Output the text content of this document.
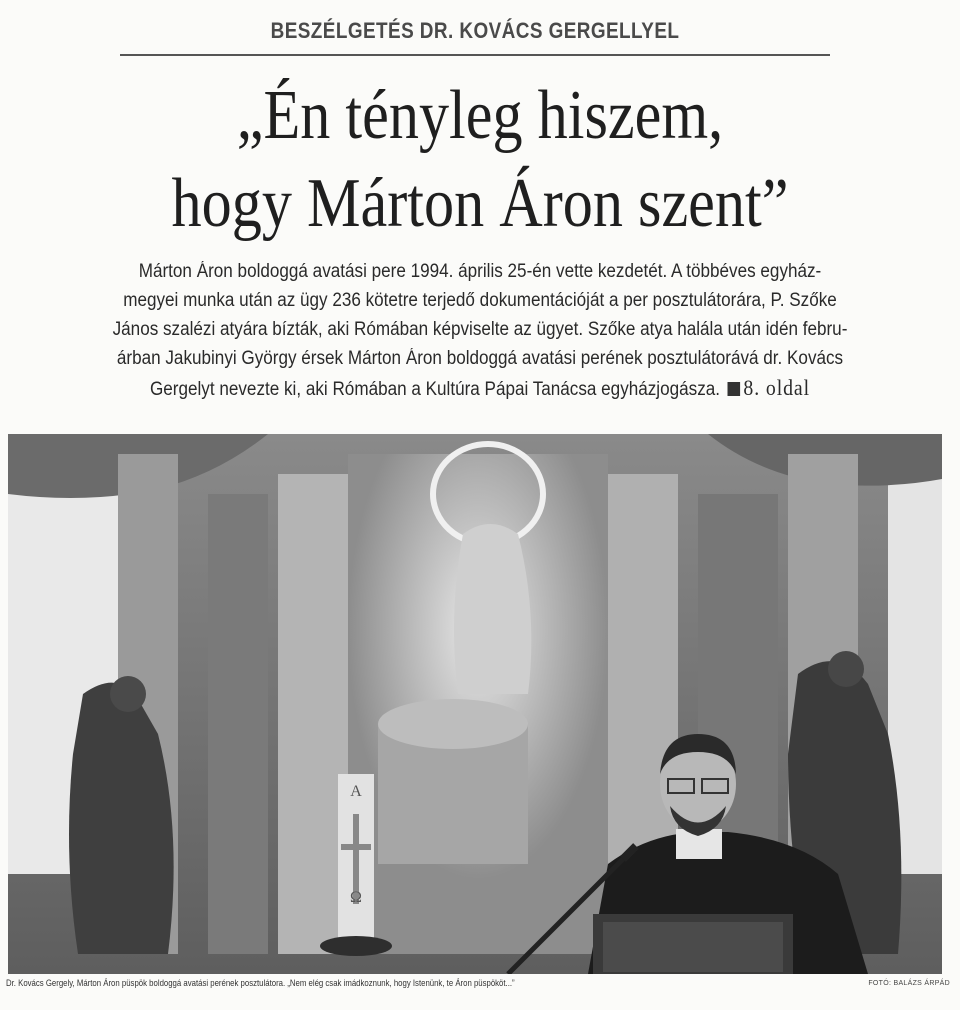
BESZÉLGETÉS DR. KOVÁCS GERGELLYEL
„Én tényleg hiszem,
hogy Márton Áron szent”
Márton Áron boldoggá avatási pere 1994. április 25-én vette kezdetét. A többéves egyház-
megyei munka után az ügy 236 kötetre terjedő dokumentációját a per posztulátorára, P. Szőke
János szalézi atyára bízták, aki Rómában képviselte az ügyet. Szőke atya halála után idén febru-
árban Jakubinyi György érsek Márton Áron boldoggá avatási perének posztulátorává dr. Kovács
Gergelyt nevezte ki, aki Rómában a Kultúra Pápai Tanácsa egyházjogásza. 8. oldal
A
Ω
Dr. Kovács Gergely, Márton Áron püspök boldoggá avatási perének posztulátora. „Nem elég csak imádkoznunk, hogy Istenünk, te Áron püspököt...”	FOTÓ: BALÁZS ÁRPÁD
